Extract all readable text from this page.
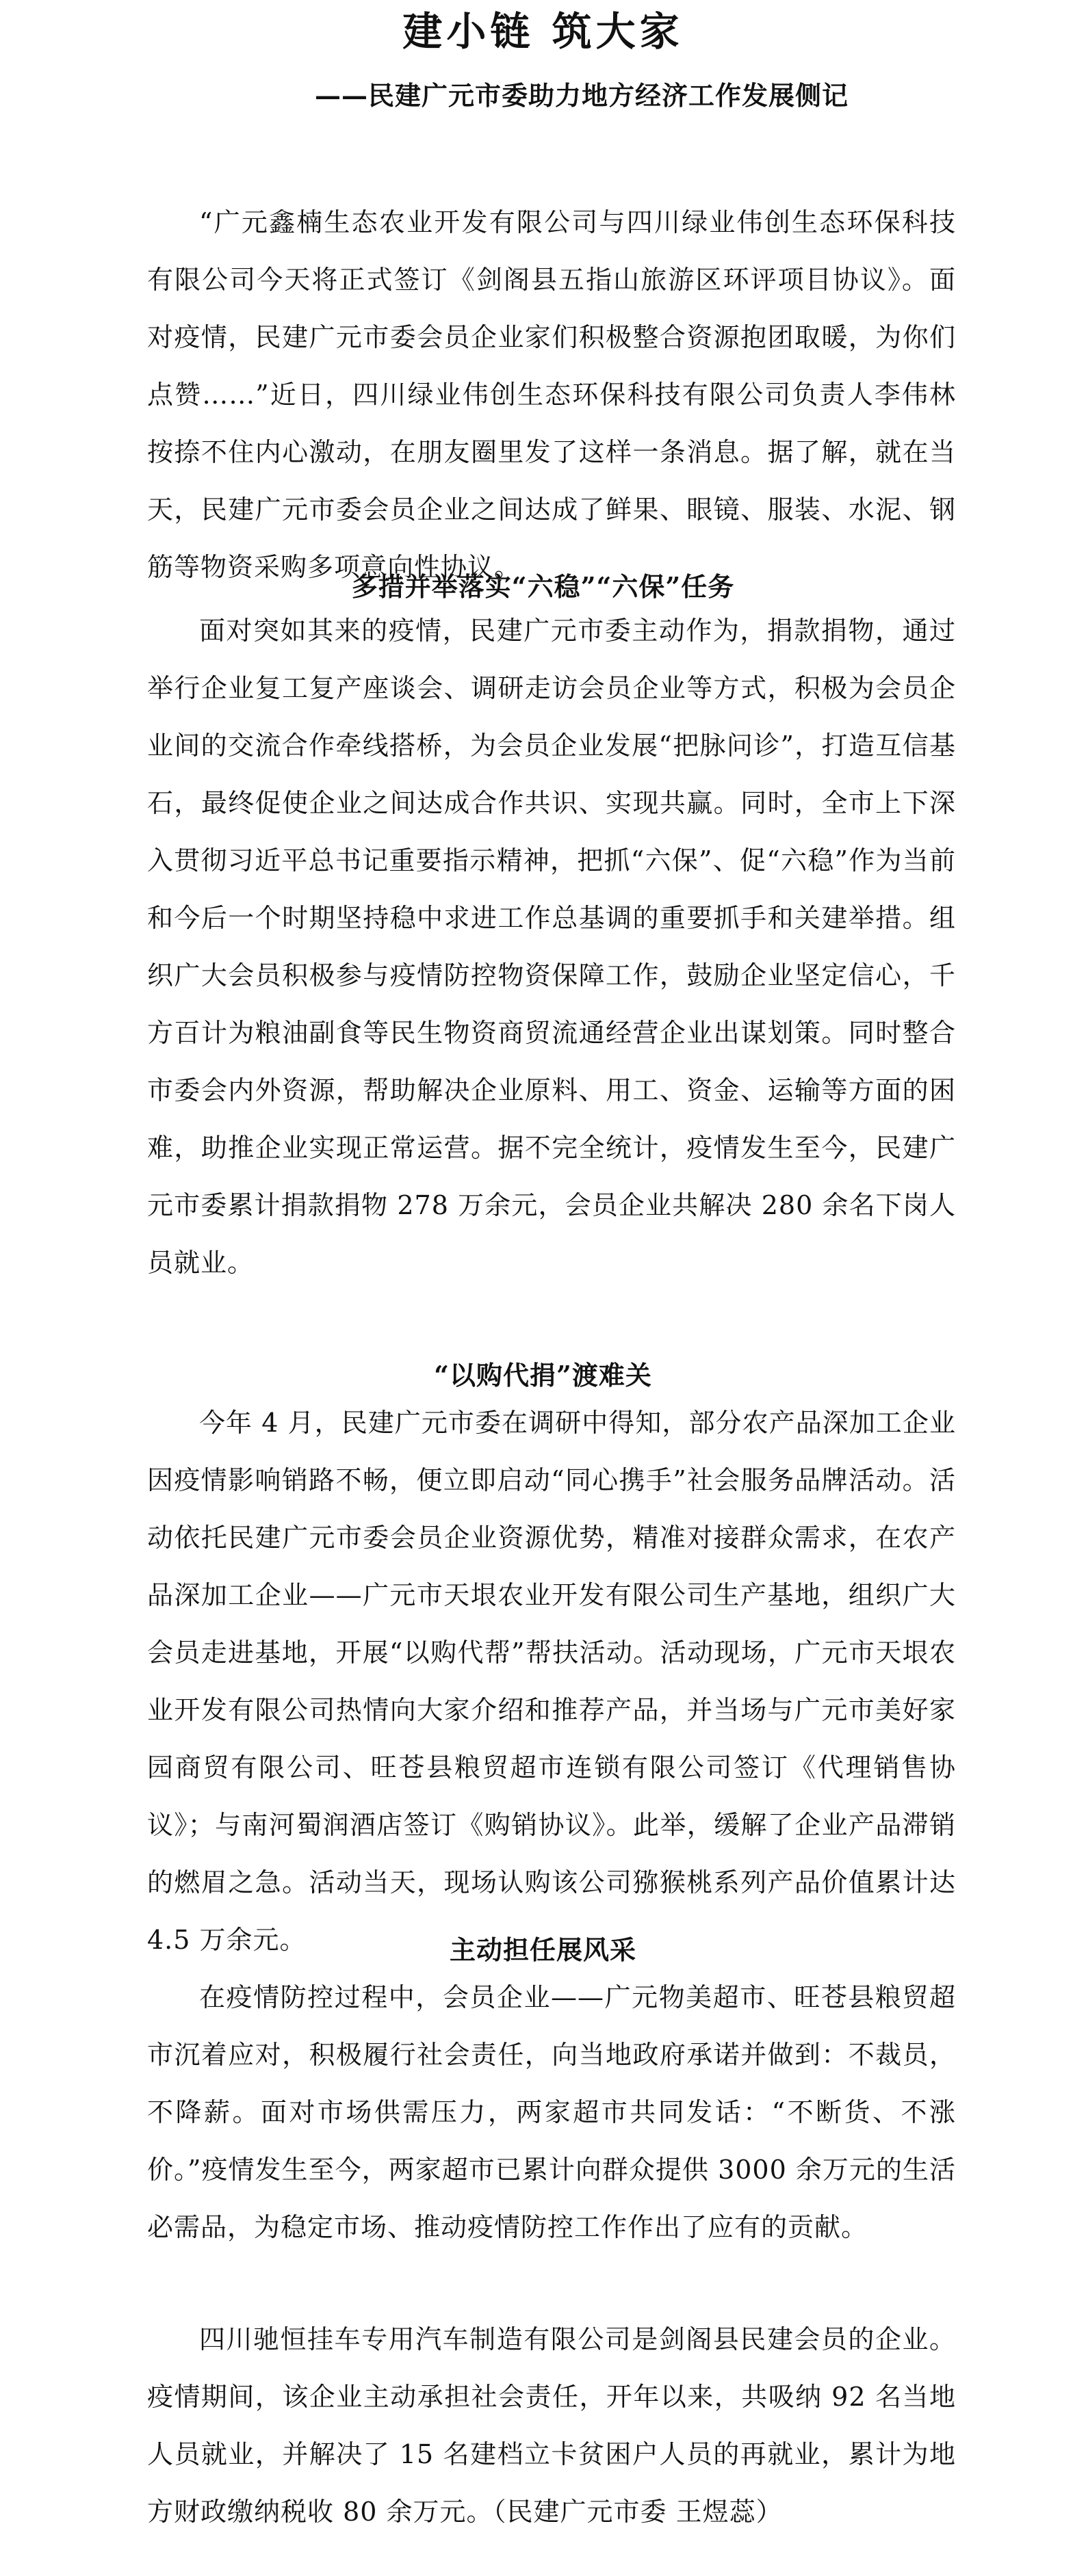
建小链 筑大家
——民建广元市委助力地方经济工作发展侧记

“广元鑫楠生态农业开发有限公司与四川绿业伟创生态环保科技有限公司今天将正式签订《剑阁县五指山旅游区环评项目协议》。面对疫情，民建广元市委会员企业家们积极整合资源抱团取暖，为你们点赞……”近日，四川绿业伟创生态环保科技有限公司负责人李伟林按捺不住内心激动，在朋友圈里发了这样一条消息。据了解，就在当天，民建广元市委会员企业之间达成了鲜果、眼镜、服装、水泥、钢筋等物资采购多项意向性协议。

多措并举落实“六稳”“六保”任务

面对突如其来的疫情，民建广元市委主动作为，捐款捐物，通过举行企业复工复产座谈会、调研走访会员企业等方式，积极为会员企业间的交流合作牵线搭桥，为会员企业发展“把脉问诊”，打造互信基石，最终促使企业之间达成合作共识、实现共赢。同时，全市上下深入贯彻习近平总书记重要指示精神，把抓“六保”、促“六稳”作为当前和今后一个时期坚持稳中求进工作总基调的重要抓手和关建举措。组织广大会员积极参与疫情防控物资保障工作，鼓励企业坚定信心，千方百计为粮油副食等民生物资商贸流通经营企业出谋划策。同时整合市委会内外资源，帮助解决企业原料、用工、资金、运输等方面的困难，助推企业实现正常运营。据不完全统计，疫情发生至今，民建广元市委累计捐款捐物 278 万余元，会员企业共解决 280 余名下岗人员就业。

“以购代捐”渡难关

今年 4 月，民建广元市委在调研中得知，部分农产品深加工企业因疫情影响销路不畅，便立即启动“同心携手”社会服务品牌活动。活动依托民建广元市委会员企业资源优势，精准对接群众需求，在农产品深加工企业——广元市天垠农业开发有限公司生产基地，组织广大会员走进基地，开展“以购代帮”帮扶活动。活动现场，广元市天垠农业开发有限公司热情向大家介绍和推荐产品，并当场与广元市美好家园商贸有限公司、旺苍县粮贸超市连锁有限公司签订《代理销售协议》；与南河蜀润酒店签订《购销协议》。此举，缓解了企业产品滞销的燃眉之急。活动当天，现场认购该公司猕猴桃系列产品价值累计达 4.5 万余元。	主动担任展风采

在疫情防控过程中，会员企业——广元物美超市、旺苍县粮贸超市沉着应对，积极履行社会责任，向当地政府承诺并做到：不裁员，不降薪。面对市场供需压力，两家超市共同发话：“不断货、不涨价。”疫情发生至今，两家超市已累计向群众提供 3000 余万元的生活必需品，为稳定市场、推动疫情防控工作作出了应有的贡献。

四川驰恒挂车专用汽车制造有限公司是剑阁县民建会员的企业。疫情期间，该企业主动承担社会责任，开年以来，共吸纳 92 名当地人员就业，并解决了 15 名建档立卡贫困户人员的再就业，累计为地方财政缴纳税收 80 余万元。（民建广元市委 王煜蕊）
